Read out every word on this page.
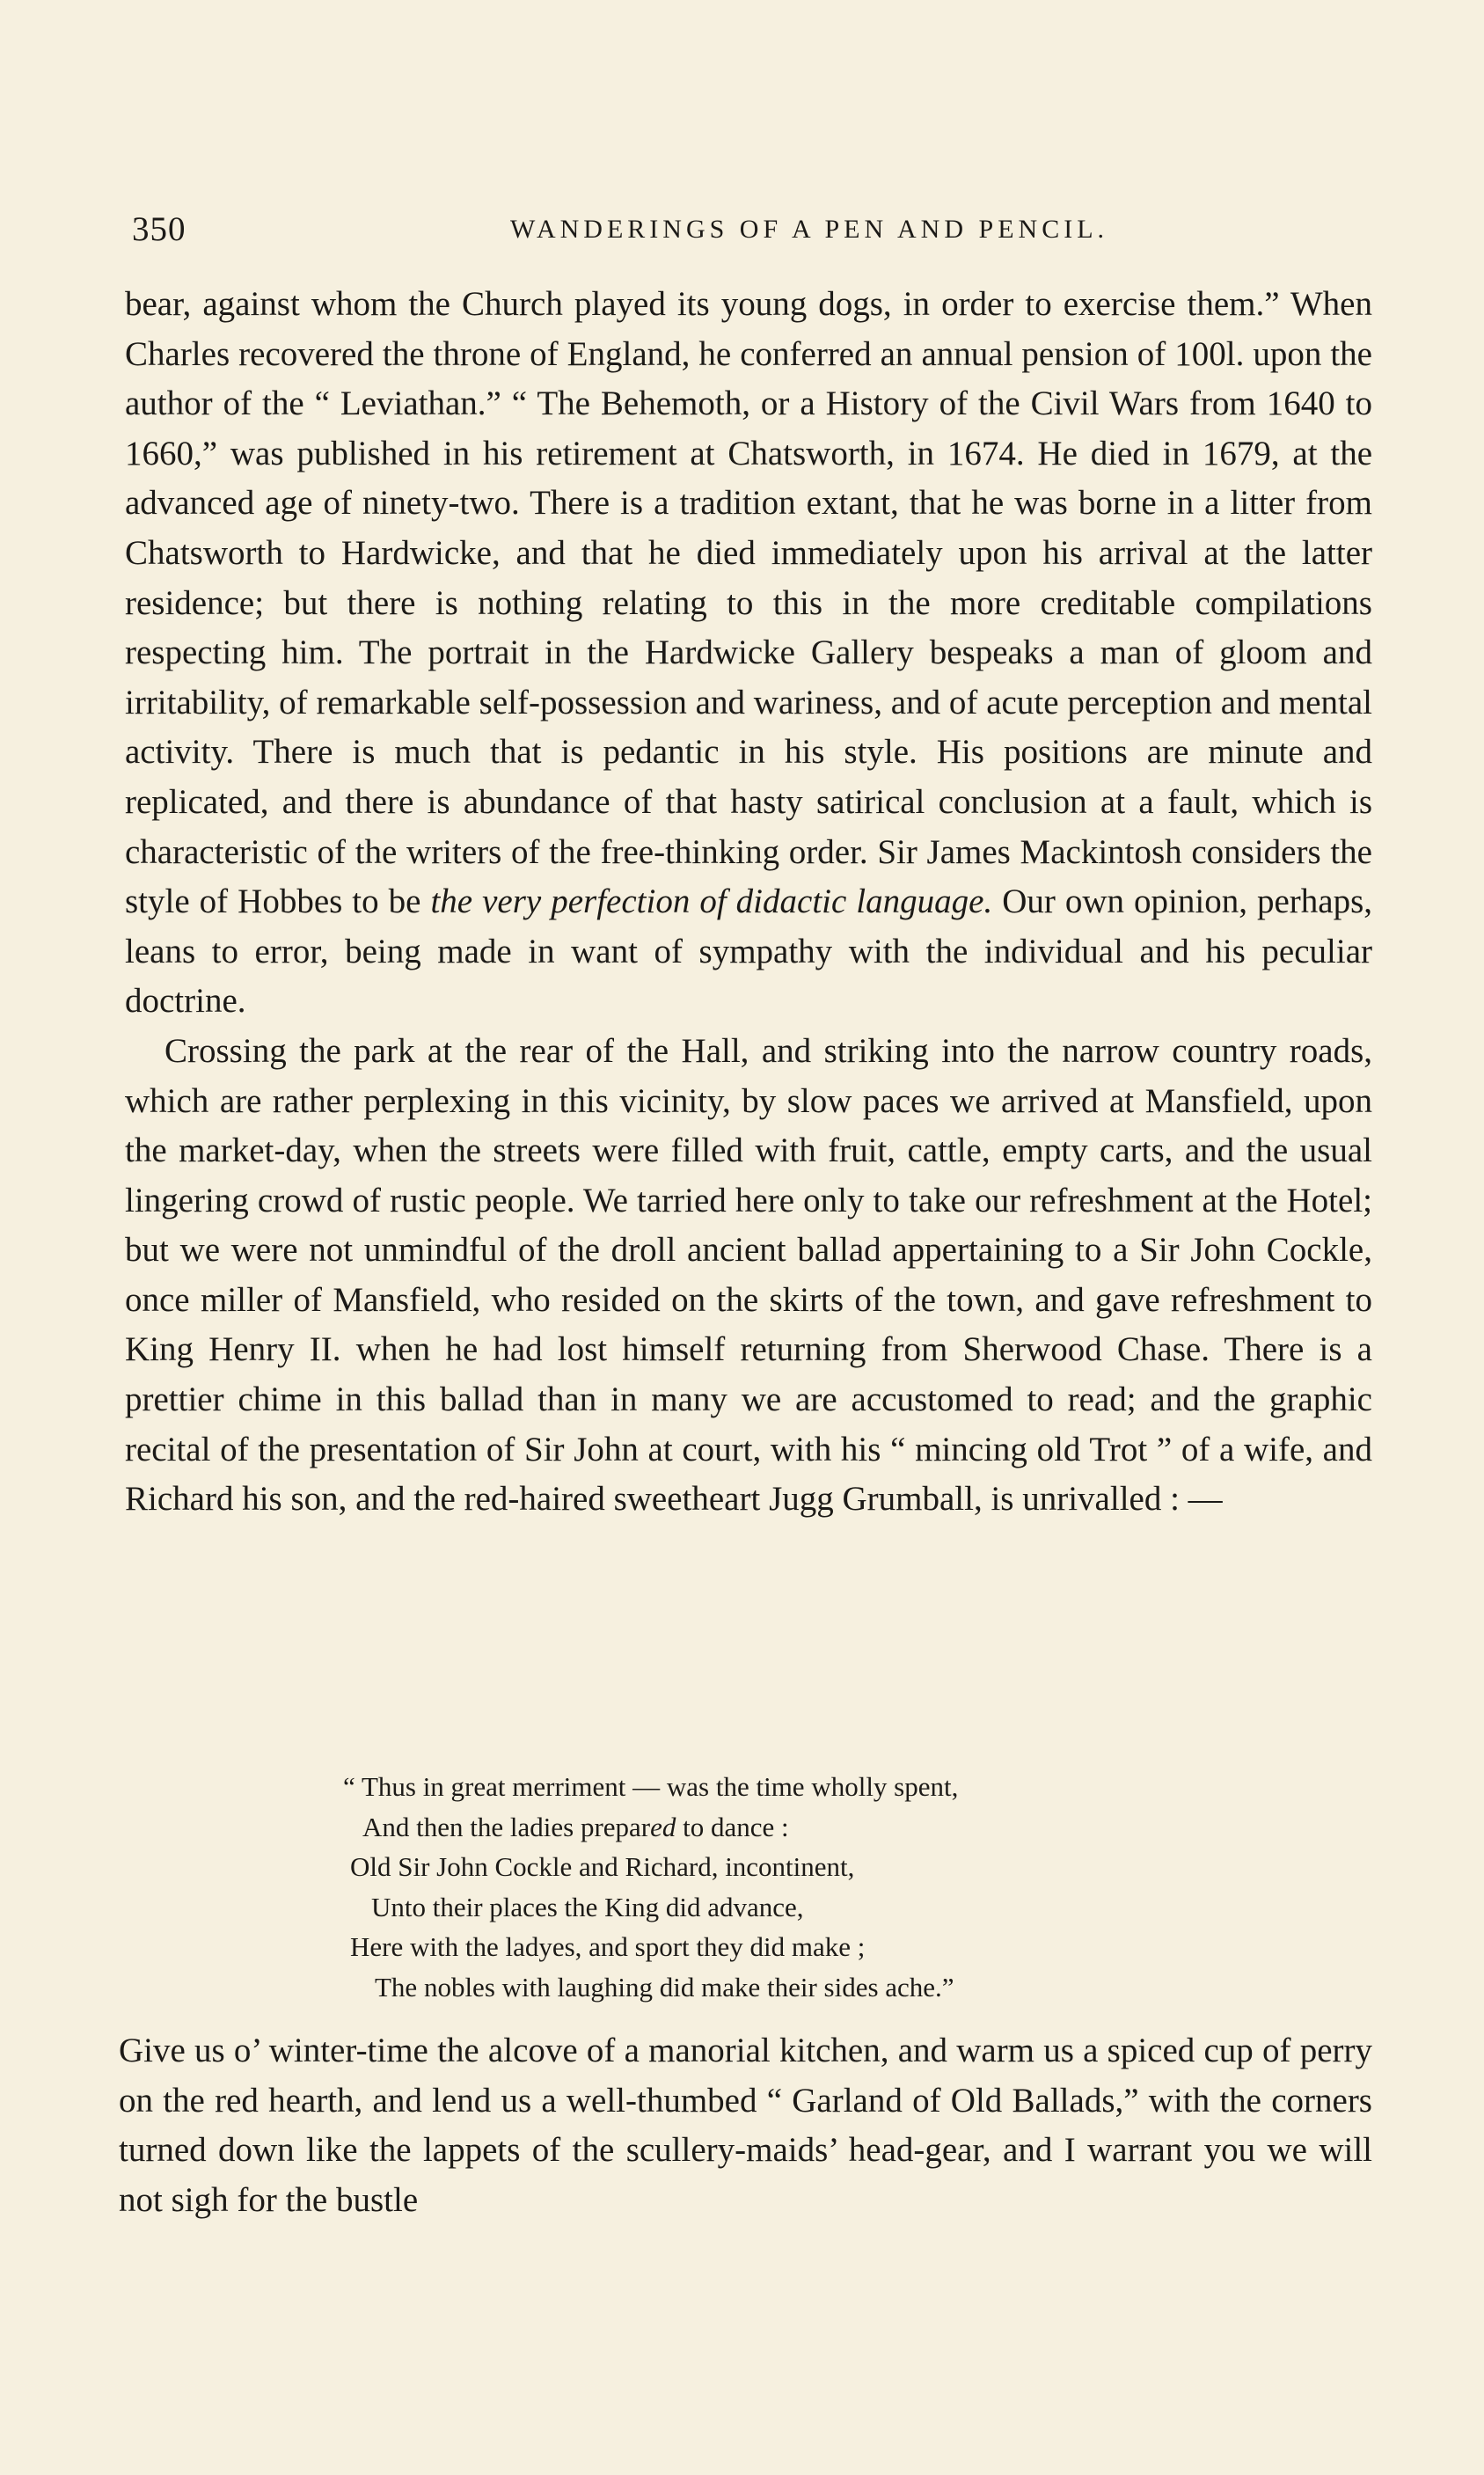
350	WANDERINGS OF A PEN AND PENCIL.

bear, against whom the Church played its young dogs, in order to exercise them.” When Charles recovered the throne of England, he conferred an annual pension of 100l. upon the author of the “ Leviathan.” “ The Behemoth, or a History of the Civil Wars from 1640 to 1660,” was published in his retirement at Chatsworth, in 1674. He died in 1679, at the advanced age of ninety-two. There is a tradition extant, that he was borne in a litter from Chatsworth to Hardwicke, and that he died immediately upon his arrival at the latter residence; but there is nothing relating to this in the more creditable compilations respecting him. The portrait in the Hardwicke Gallery bespeaks a man of gloom and irritability, of remarkable self-possession and wariness, and of acute perception and mental activity. There is much that is pedantic in his style. His positions are minute and replicated, and there is abundance of that hasty satirical conclusion at a fault, which is characteristic of the writers of the free-thinking order. Sir James Mackintosh considers the style of Hobbes to be the very perfection of didactic language. Our own opinion, perhaps, leans to error, being made in want of sympathy with the individual and his peculiar doctrine.

Crossing the park at the rear of the Hall, and striking into the narrow country roads, which are rather perplexing in this vicinity, by slow paces we arrived at Mansfield, upon the market-day, when the streets were filled with fruit, cattle, empty carts, and the usual lingering crowd of rustic people. We tarried here only to take our refreshment at the Hotel; but we were not unmindful of the droll ancient ballad appertaining to a Sir John Cockle, once miller of Mansfield, who resided on the skirts of the town, and gave refreshment to King Henry II. when he had lost himself returning from Sherwood Chase. There is a prettier chime in this ballad than in many we are accustomed to read; and the graphic recital of the presentation of Sir John at court, with his “ mincing old Trot ” of a wife, and Richard his son, and the red-haired sweetheart Jugg Grumball, is unrivalled : —

“ Thus in great merriment — was the time wholly spent,
And then the ladies prepared to dance :
Old Sir John Cockle and Richard, incontinent,
Unto their places the King did advance,
Here with the ladyes, and sport they did make ;
The nobles with laughing did make their sides ache.”

Give us o’ winter-time the alcove of a manorial kitchen, and warm us a spiced cup of perry on the red hearth, and lend us a well-thumbed “ Garland of Old Ballads,” with the corners turned down like the lappets of the scullery-maids’ head-gear, and I warrant you we will not sigh for the bustle
